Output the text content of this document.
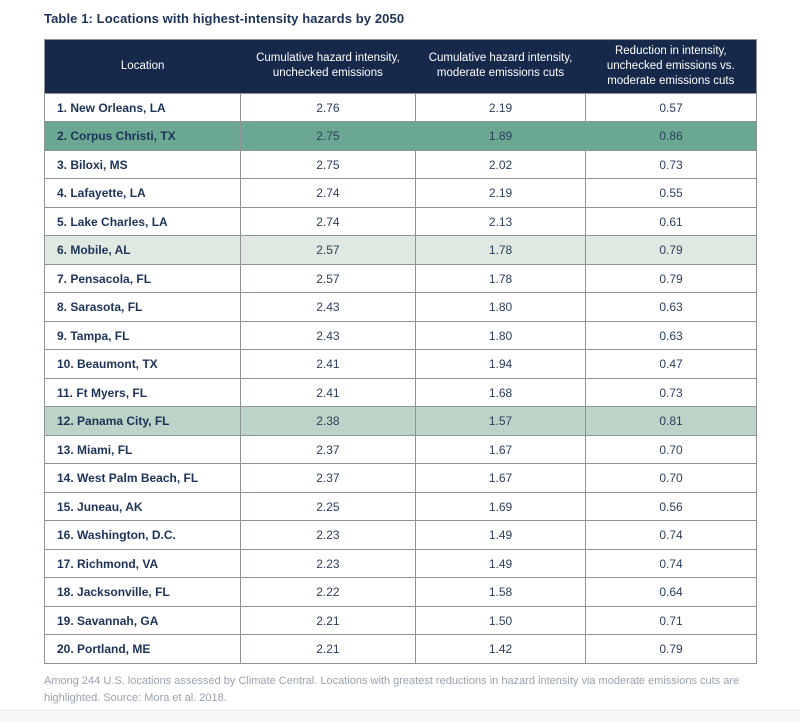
Table 1: Locations with highest-intensity hazards by 2050
Location	Cumulative hazard intensity, unchecked emissions	Cumulative hazard intensity, moderate emissions cuts	Reduction in intensity, unchecked emissions vs. moderate emissions cuts
1. New Orleans, LA	2.76	2.19	0.57
2. Corpus Christi, TX	2.75	1.89	0.86
3. Biloxi, MS	2.75	2.02	0.73
4. Lafayette, LA	2.74	2.19	0.55
5. Lake Charles, LA	2.74	2.13	0.61
6. Mobile, AL	2.57	1.78	0.79
7. Pensacola, FL	2.57	1.78	0.79
8. Sarasota, FL	2.43	1.80	0.63
9. Tampa, FL	2.43	1.80	0.63
10. Beaumont, TX	2.41	1.94	0.47
11. Ft Myers, FL	2.41	1.68	0.73
12. Panama City, FL	2.38	1.57	0.81
13. Miami, FL	2.37	1.67	0.70
14. West Palm Beach, FL	2.37	1.67	0.70
15. Juneau, AK	2.25	1.69	0.56
16. Washington, D.C.	2.23	1.49	0.74
17. Richmond, VA	2.23	1.49	0.74
18. Jacksonville, FL	2.22	1.58	0.64
19. Savannah, GA	2.21	1.50	0.71
20. Portland, ME	2.21	1.42	0.79

Among 244 U.S. locations assessed by Climate Central. Locations with greatest reductions in hazard intensity via moderate emissions cuts are highlighted. Source: Mora et al. 2018.
